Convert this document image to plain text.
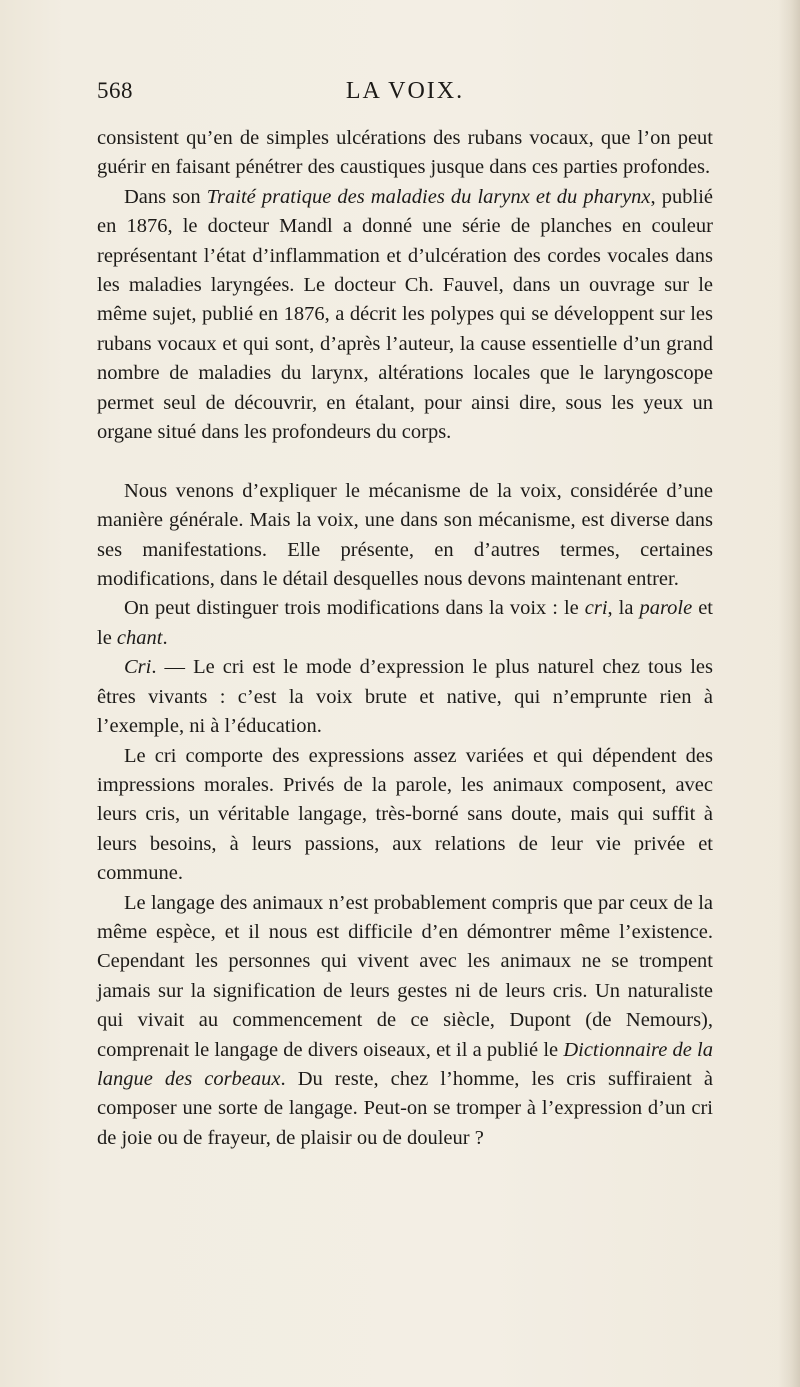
568	LA VOIX.

consistent qu’en de simples ulcérations des rubans vocaux, que l’on peut guérir en faisant pénétrer des caustiques jusque dans ces parties profondes.

Dans son Traité pratique des maladies du larynx et du pharynx, publié en 1876, le docteur Mandl a donné une série de planches en couleur représentant l’état d’inflammation et d’ulcération des cordes vocales dans les maladies laryngées. Le docteur Ch. Fauvel, dans un ouvrage sur le même sujet, publié en 1876, a décrit les polypes qui se développent sur les rubans vocaux et qui sont, d’après l’auteur, la cause essentielle d’un grand nombre de maladies du larynx, altérations locales que le laryngoscope permet seul de découvrir, en étalant, pour ainsi dire, sous les yeux un organe situé dans les profondeurs du corps.

Nous venons d’expliquer le mécanisme de la voix, considérée d’une manière générale. Mais la voix, une dans son mécanisme, est diverse dans ses manifestations. Elle présente, en d’autres termes, certaines modifications, dans le détail desquelles nous devons maintenant entrer.

On peut distinguer trois modifications dans la voix : le cri, la parole et le chant.

Cri. — Le cri est le mode d’expression le plus naturel chez tous les êtres vivants : c’est la voix brute et native, qui n’emprunte rien à l’exemple, ni à l’éducation.

Le cri comporte des expressions assez variées et qui dépendent des impressions morales. Privés de la parole, les animaux composent, avec leurs cris, un véritable langage, très-borné sans doute, mais qui suffit à leurs besoins, à leurs passions, aux relations de leur vie privée et commune.

Le langage des animaux n’est probablement compris que par ceux de la même espèce, et il nous est difficile d’en démontrer même l’existence. Cependant les personnes qui vivent avec les animaux ne se trompent jamais sur la signification de leurs gestes ni de leurs cris. Un naturaliste qui vivait au commencement de ce siècle, Dupont (de Nemours), comprenait le langage de divers oiseaux, et il a publié le Dictionnaire de la langue des corbeaux. Du reste, chez l’homme, les cris suffiraient à composer une sorte de langage. Peut-on se tromper à l’expression d’un cri de joie ou de frayeur, de plaisir ou de douleur ?
